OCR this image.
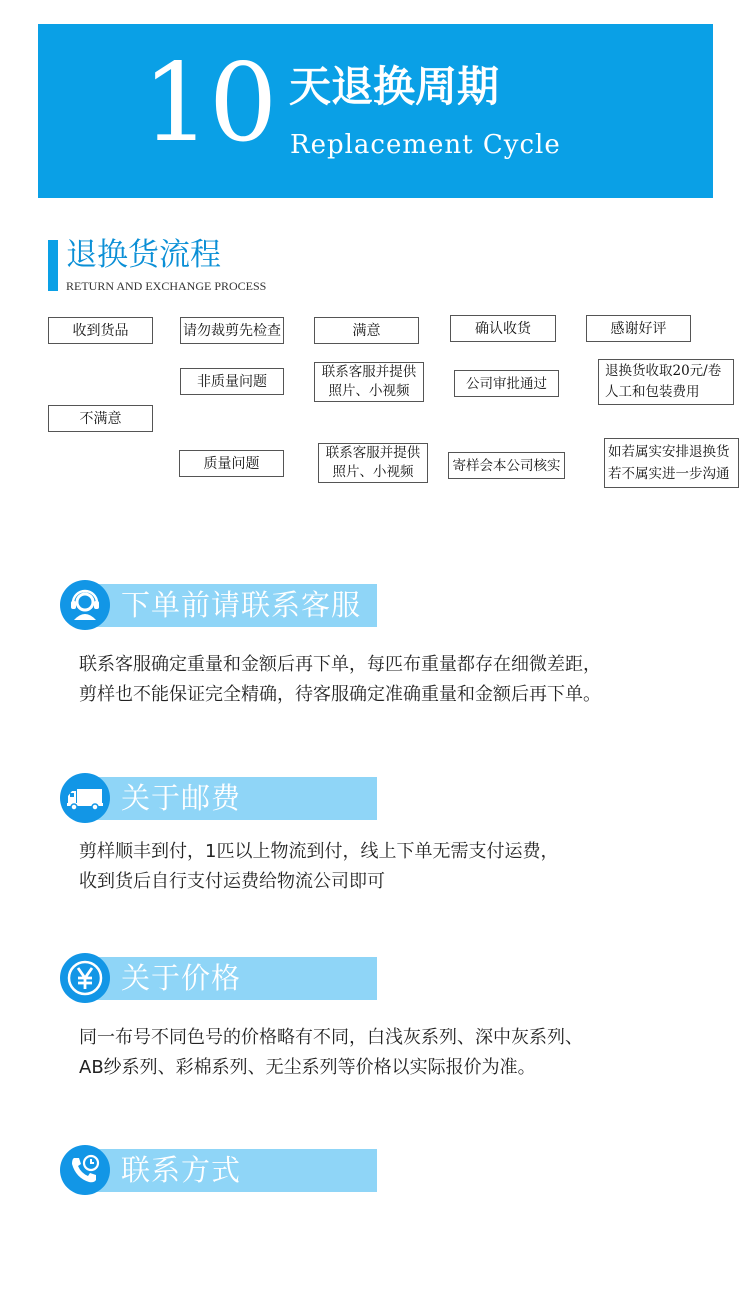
10 天退换周期
Replacement Cycle
退换货流程
RETURN AND EXCHANGE PROCESS
收到货品	请勿裁剪先检查	满意	确认收货	感谢好评
非质量问题
联系客服并提供
照片、小视频	公司审批通过
退换货收取20元/卷
人工和包装费用
不满意
质量问题
联系客服并提供
照片、小视频	寄样会本公司核实
如若属实安排退换货
若不属实进一步沟通
下单前请联系客服
联系客服确定重量和金额后再下单，每匹布重量都存在细微差距，
剪样也不能保证完全精确，待客服确定准确重量和金额后再下单。
关于邮费
剪样顺丰到付，1匹以上物流到付，线上下单无需支付运费，
收到货后自行支付运费给物流公司即可
关于价格
同一布号不同色号的价格略有不同，白浅灰系列、深中灰系列、
AB纱系列、彩棉系列、无尘系列等价格以实际报价为准。
联系方式
